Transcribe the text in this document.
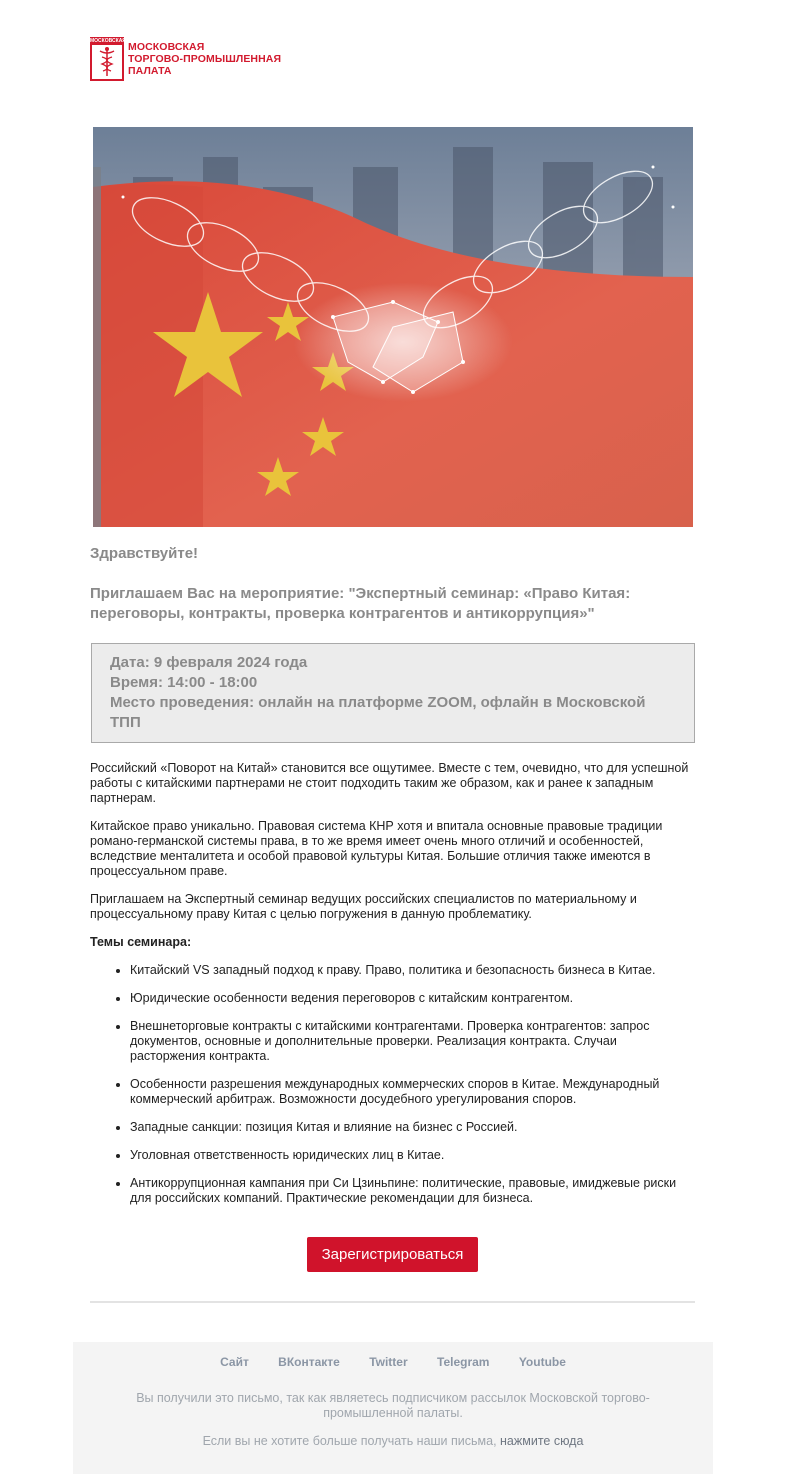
МОСКОВСКАЯ МОСКОВСКАЯ
ТОРГОВО-ПРОМЫШЛЕННАЯ
ПАЛАТА
Здравствуйте!
Приглашаем Вас на мероприятие: "Экспертный семинар: «Право Китая: переговоры, контракты, проверка контрагентов и антикоррупция»"
Дата: 9 февраля 2024 года
Время: 14:00 - 18:00
Место проведения: онлайн на платформе ZOOM, офлайн в Московской ТПП

Российский «Поворот на Китай» становится все ощутимее. Вместе с тем, очевидно, что для успешной работы с китайскими партнерами не стоит подходить таким же образом, как и ранее к западным партнерам.

Китайское право уникально. Правовая система КНР хотя и впитала основные правовые традиции романо-германской системы права, в то же время имеет очень много отличий и особенностей, вследствие менталитета и особой правовой культуры Китая. Большие отличия также имеются в процессуальном праве.

Приглашаем на Экспертный семинар ведущих российских специалистов по материальному и процессуальному праву Китая с целью погружения в данную проблематику.

Темы семинара:
• Китайский VS западный подход к праву. Право, политика и безопасность бизнеса в Китае.
• Юридические особенности ведения переговоров с китайским контрагентом.
• Внешнеторговые контракты с китайскими контрагентами. Проверка контрагентов: запрос документов, основные и дополнительные проверки. Реализация контракта. Случаи расторжения контракта.
• Особенности разрешения международных коммерческих споров в Китае. Международный коммерческий арбитраж. Возможности досудебного урегулирования споров.
• Западные санкции: позиция Китая и влияние на бизнес с Россией.
• Уголовная ответственность юридических лиц в Китае.
• Антикоррупционная кампания при Си Цзиньпине: политические, правовые, имиджевые риски для российских компаний. Практические рекомендации для бизнеса.
Зарегистрироваться
Сайт ВКонтакте Twitter Telegram Youtube
Вы получили это письмо, так как являетесь подписчиком рассылок Московской торгово-промышленной палаты.
Если вы не хотите больше получать наши письма, нажмите сюда
